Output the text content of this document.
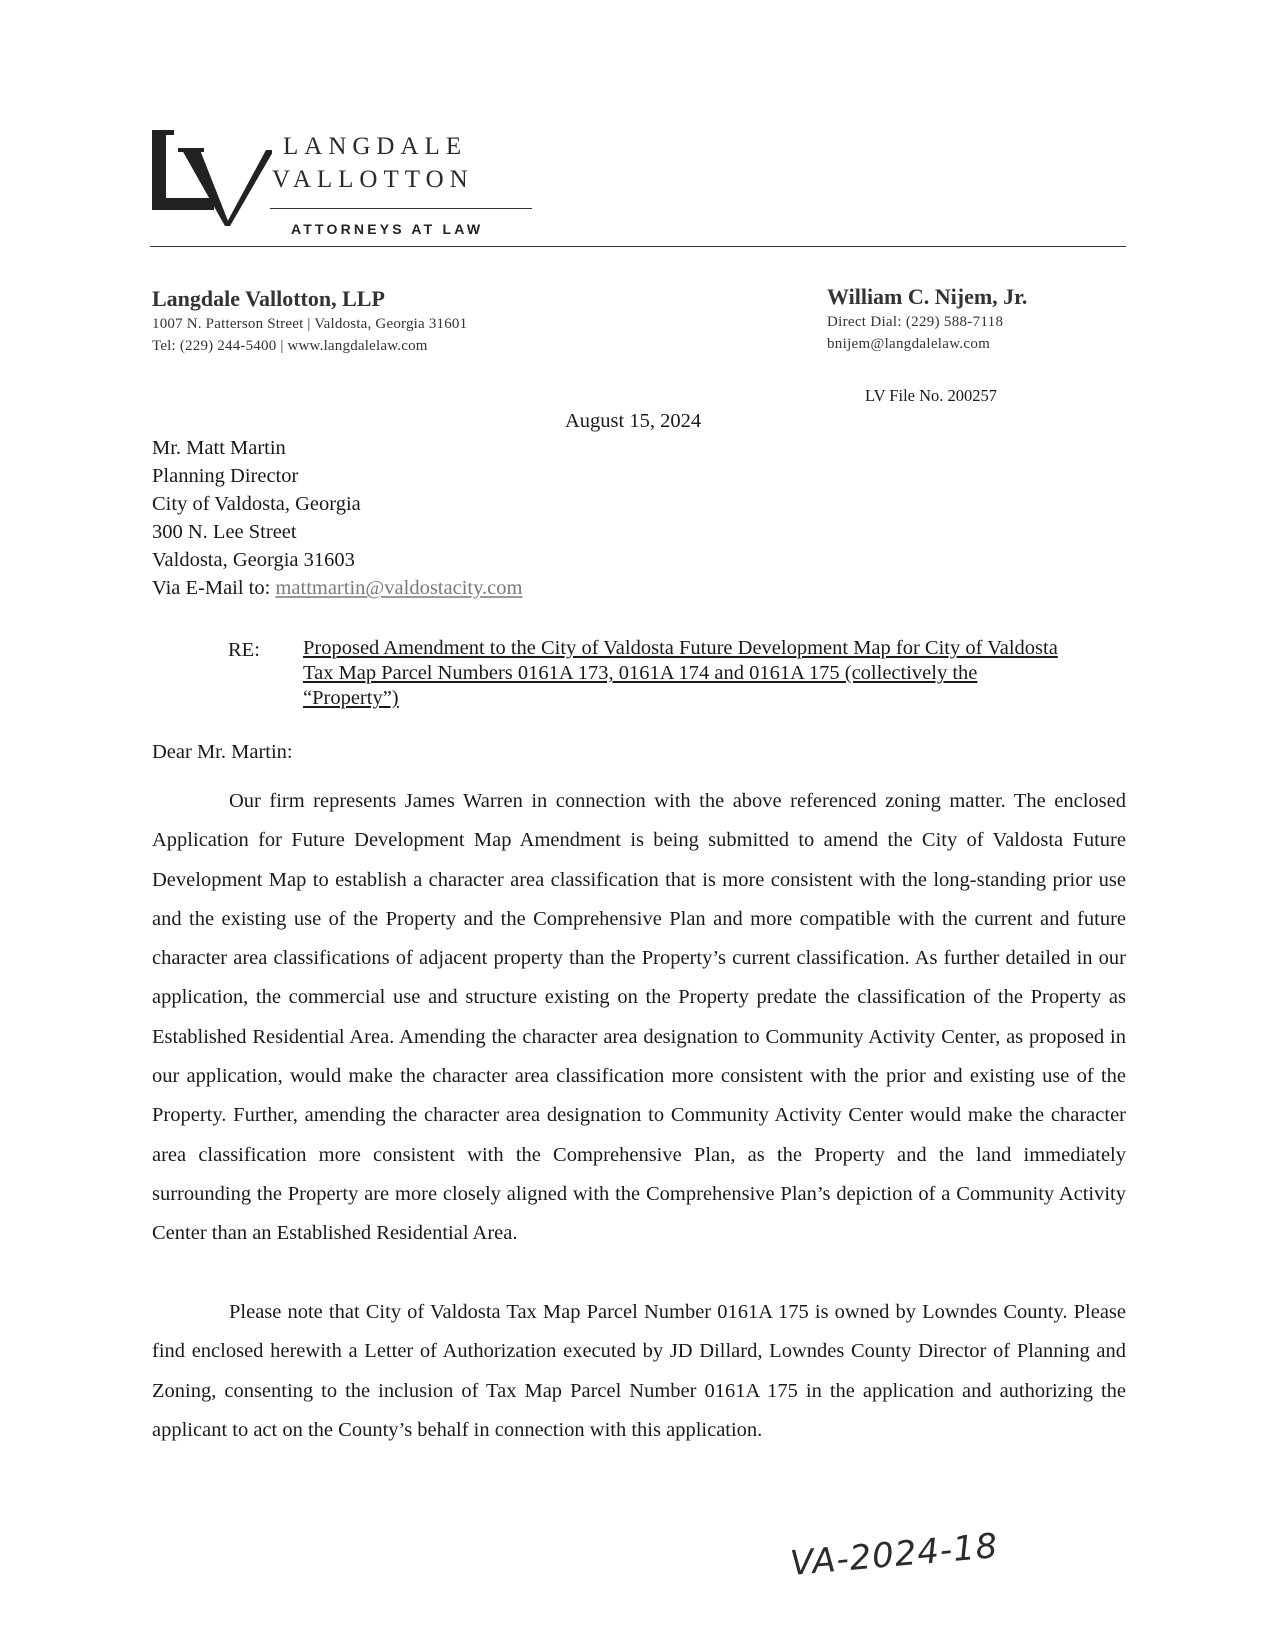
LANGDALE
VALLOTTON
ATTORNEYS AT LAW
Langdale Vallotton, LLP
1007 N. Patterson Street | Valdosta, Georgia 31601
Tel: (229) 244-5400 | www.langdalelaw.com
William C. Nijem, Jr.
Direct Dial: (229) 588-7118
bnijem@langdalelaw.com
LV File No. 200257
August 15, 2024
Mr. Matt Martin
Planning Director
City of Valdosta, Georgia
300 N. Lee Street
Valdosta, Georgia 31603
Via E-Mail to: mattmartin@valdostacity.com
RE: Proposed Amendment to the City of Valdosta Future Development Map for City of Valdosta Tax Map Parcel Numbers 0161A 173, 0161A 174 and 0161A 175 (collectively the “Property”)
Dear Mr. Martin:

Our firm represents James Warren in connection with the above referenced zoning matter. The enclosed Application for Future Development Map Amendment is being submitted to amend the City of Valdosta Future Development Map to establish a character area classification that is more consistent with the long-standing prior use and the existing use of the Property and the Comprehensive Plan and more compatible with the current and future character area classifications of adjacent property than the Property’s current classification. As further detailed in our application, the commercial use and structure existing on the Property predate the classification of the Property as Established Residential Area. Amending the character area designation to Community Activity Center, as proposed in our application, would make the character area classification more consistent with the prior and existing use of the Property. Further, amending the character area designation to Community Activity Center would make the character area classification more consistent with the Comprehensive Plan, as the Property and the land immediately surrounding the Property are more closely aligned with the Comprehensive Plan’s depiction of a Community Activity Center than an Established Residential Area.

Please note that City of Valdosta Tax Map Parcel Number 0161A 175 is owned by Lowndes County. Please find enclosed herewith a Letter of Authorization executed by JD Dillard, Lowndes County Director of Planning and Zoning, consenting to the inclusion of Tax Map Parcel Number 0161A 175 in the application and authorizing the applicant to act on the County’s behalf in connection with this application.

VA-2024-18
